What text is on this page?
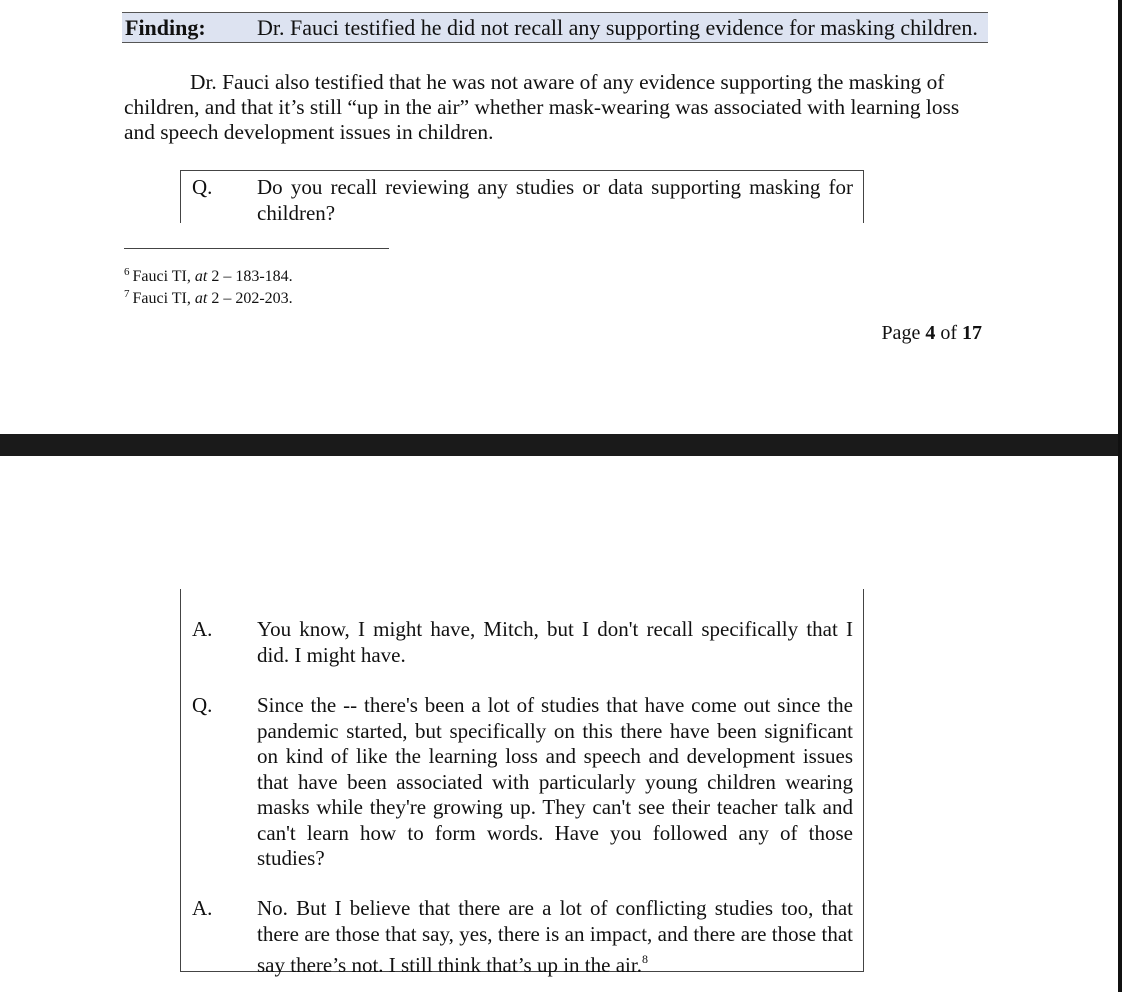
Finding: Dr. Fauci testified he did not recall any supporting evidence for masking children.

Dr. Fauci also testified that he was not aware of any evidence supporting the masking of children, and that it’s still “up in the air” whether mask-wearing was associated with learning loss and speech development issues in children.

Q. Do you recall reviewing any studies or data supporting masking for children?
$^6$ Fauci TI, at 2 – 183-184.
$^7$ Fauci TI, at 2 – 202-203.
Page 4 of 17
A. You know, I might have, Mitch, but I don't recall specifically that I did. I might have.
Q. Since the -- there's been a lot of studies that have come out since the pandemic started, but specifically on this there have been significant on kind of like the learning loss and speech and development issues that have been associated with particularly young children wearing masks while they're growing up. They can't see their teacher talk and can't learn how to form words. Have you followed any of those studies?
A. No. But I believe that there are a lot of conflicting studies too, that there are those that say, yes, there is an impact, and there are those that say there’s not. I still think that’s up in the air.$^8$
